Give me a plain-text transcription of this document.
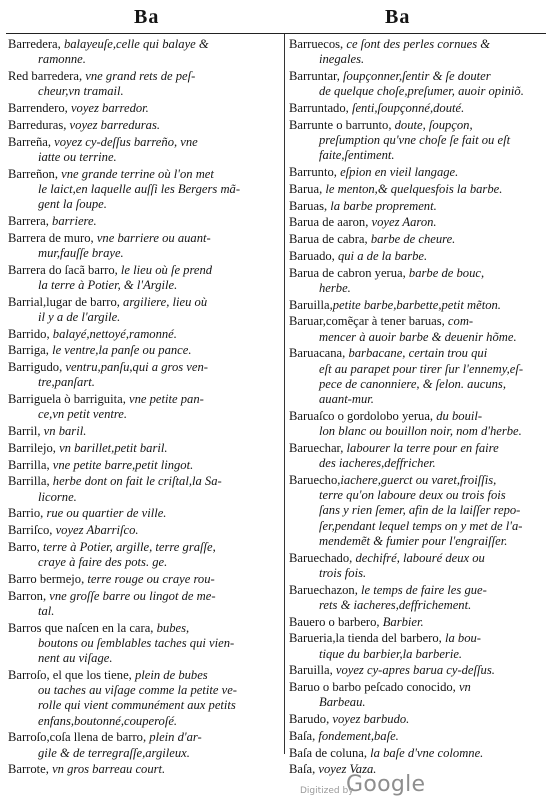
Ba	Ba
Barredera, balayeuſe,celle qui balaye &
ramonne.
Red barredera, vne grand rets de peſ-
cheur,vn tramail.
Barrendero, voyez barredor.
Barreduras, voyez barreduras.
Barreña, voyez cy-deſſus barreño, vne
iatte ou terrine.
Barreñon, vne grande terrine où l'on met
le laict,en laquelle auſſi les Bergers mã-
gent la ſoupe.
Barrera, barriere.
Barrera de muro, vne barriere ou auant-
mur,fauſſe braye.
Barrera do ſacã barro, le lieu où ſe prend
la terre à Potier, & l'Argile.
Barrial,lugar de barro, argiliere, lieu où
il y a de l'argile.
Barrido, balayé,nettoyé,ramonné.
Barriga, le ventre,la panſe ou pance.
Barrigudo, ventru,panſu,qui a gros ven-
tre,panſart.
Barriguela ò barriguita, vne petite pan-
ce,vn petit ventre.
Barril, vn baril.
Barrilejo, vn barillet,petit baril.
Barrilla, vne petite barre,petit lingot.
Barrilla, herbe dont on fait le criſtal,la Sa-
licorne.
Barrio, rue ou quartier de ville.
Barriſco, voyez Abarriſco.
Barro, terre à Potier, argille, terre graſſe,
craye à faire des pots. ge.
Barro bermejo, terre rouge ou craye rou-
Barron, vne groſſe barre ou lingot de me-
tal.
Barros que naſcen en la cara, bubes,
boutons ou ſemblables taches qui vien-
nent au viſage.
Barroſo, el que los tiene, plein de bubes
ou taches au viſage comme la petite ve-
rolle qui vient communément aux petits
enfans,boutonné,couperoſé.
Barroſo,coſa llena de barro, plein d'ar-
gile & de terregraſſe,argileux.
Barrote, vn gros barreau court.
Barruecos, ce ſont des perles cornues &
inegales.
Barruntar, ſoupçonner,ſentir & ſe douter
de quelque choſe,preſumer, auoir opiniõ.
Barruntado, ſenti,ſoupçonné,douté.
Barrunte o barrunto, doute, ſoupçon,
preſumption qu'vne choſe ſe fait ou eſt
faite,ſentiment.
Barrunto, eſpion en vieil langage.
Barua, le menton,& quelquesfois la barbe.
Baruas, la barbe proprement.
Barua de aaron, voyez Aaron.
Barua de cabra, barbe de cheure.
Baruado, qui a de la barbe.
Barua de cabron yerua, barbe de bouc,
herbe.
Baruilla,petite barbe,barbette,petit mẽton.
Baruar,comẽçar à tener baruas, com-
mencer à auoir barbe & deuenir hõme.
Baruacana, barbacane, certain trou qui
eſt au parapet pour tirer ſur l'ennemy,eſ-
pece de canonniere, & ſelon. aucuns,
auant-mur.
Baruaſco o gordolobo yerua, du bouil-
lon blanc ou bouillon noir, nom d'herbe.
Baruechar, labourer la terre pour en faire
des iacheres,deffricher.
Baruecho,iachere,guerct ou varet,froiſſis,
terre qu'on laboure deux ou trois fois
ſans y rien ſemer, afin de la laiſſer repo-
ſer,pendant lequel temps on y met de l'a-
mendemẽt & fumier pour l'engraiſſer.
Baruechado, dechifré, labouré deux ou
trois fois.
Baruechazon, le temps de faire les gue-
rets & iacheres,deffrichement.
Bauero o barbero, Barbier.
Barueria,la tienda del barbero, la bou-
tique du barbier,la barberie.
Baruilla, voyez cy-apres barua cy-deſſus.
Baruo o barbo peſcado conocido, vn
Barbeau.
Barudo, voyez barbudo.
Baſa, fondement,baſe.
Baſa de coluna, la baſe d'vne colomne.
Baſa, voyez Vaza.
Digitized by
Google
